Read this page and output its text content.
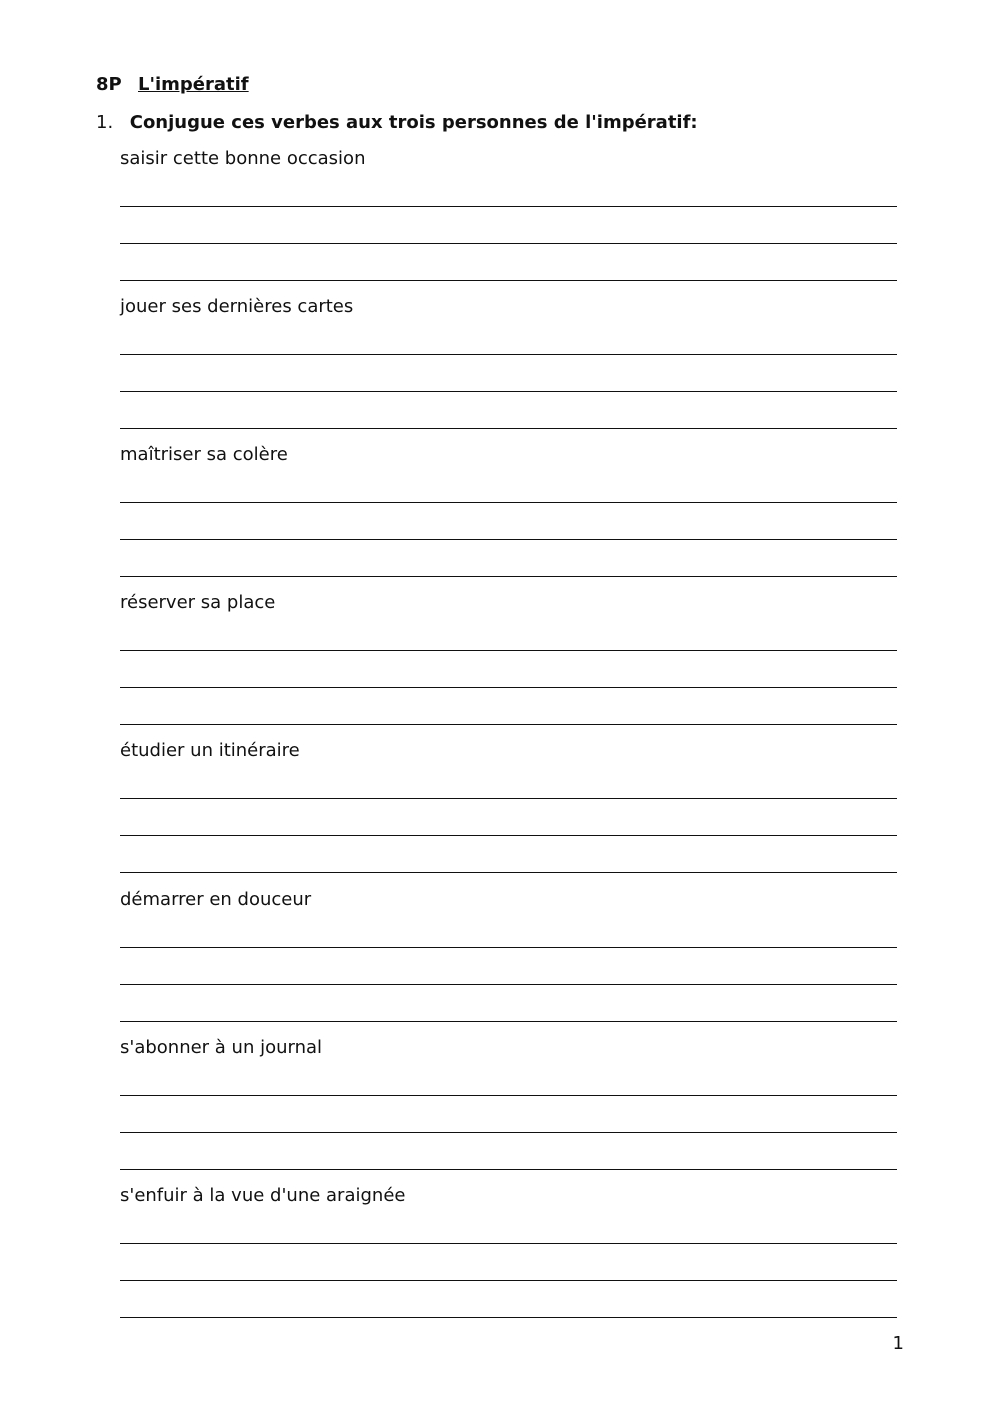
8P L'impératif
1. Conjugue ces verbes aux trois personnes de l'impératif:
saisir cette bonne occasion
jouer ses dernières cartes
maîtriser sa colère
réserver sa place
étudier un itinéraire
démarrer en douceur
s'abonner à un journal
s'enfuir à la vue d'une araignée
1
